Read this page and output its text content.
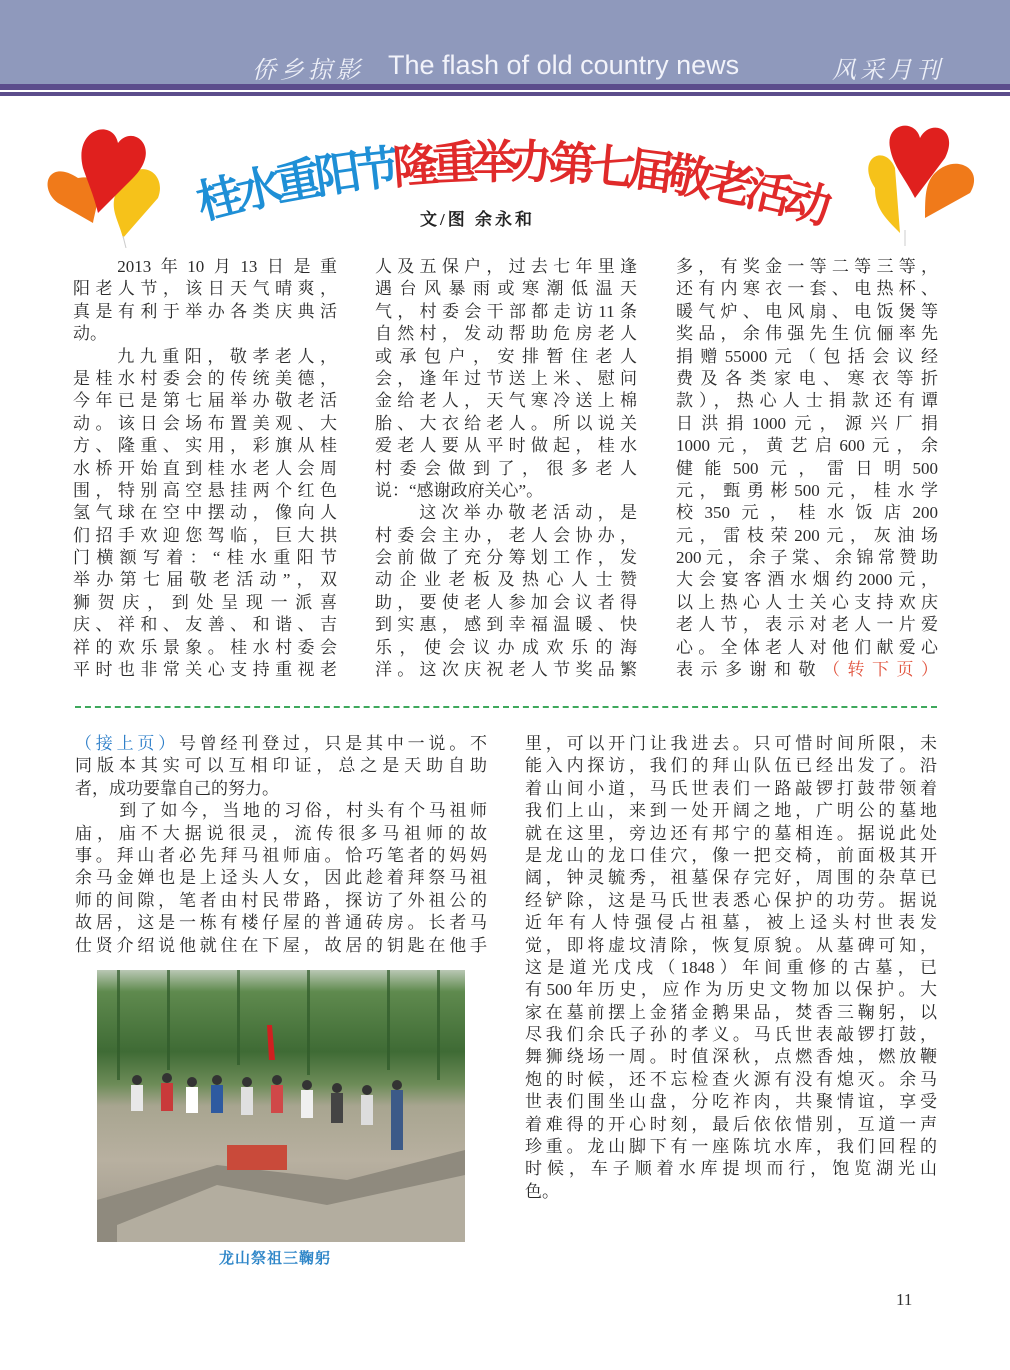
侨乡掠影 The flash of old country news	风采月刊
桂
水
重
阳
节
隆
重
举
办
第
七
届
敬
老
活
动
文/图 余永和
2013年10月13日是重
阳老人节，该日天气晴爽，
真是有利于举办各类庆典活
动。
九九重阳，敬孝老人，
是桂水村委会的传统美德，
今年已是第七届举办敬老活
动。该日会场布置美观、大
方、隆重、实用，彩旗从桂
水桥开始直到桂水老人会周
围，特别高空悬挂两个红色
氢气球在空中摆动，像向人
们招手欢迎您驾临，巨大拱
门横额写着：“桂水重阳节
举办第七届敬老活动”，双
狮贺庆，到处呈现一派喜
庆、祥和、友善、和谐、吉
祥的欢乐景象。桂水村委会
平时也非常关心支持重视老
人及五保户，过去七年里逢
遇台风暴雨或寒潮低温天
气，村委会干部都走访11条
自然村，发动帮助危房老人
或承包户，安排暂住老人
会，逢年过节送上米、慰问
金给老人，天气寒冷送上棉
胎、大衣给老人。所以说关
爱老人要从平时做起，桂水
村委会做到了，很多老人
说：“感谢政府关心”。
这次举办敬老活动，是
村委会主办，老人会协办，
会前做了充分筹划工作，发
动企业老板及热心人士赞
助，要使老人参加会议者得
到实惠，感到幸福温暖、快
乐，使会议办成欢乐的海
洋。这次庆祝老人节奖品繁
多，有奖金一等二等三等，
还有内寒衣一套、电热杯、
暖气炉、电风扇、电饭煲等
奖品，余伟强先生伉俪率先
捐赠55000元（包括会议经
费及各类家电、寒衣等折
款），热心人士捐款还有谭
日洪捐1000元，源兴厂捐
1000元，黄艺启600元，余
健能500元，雷日明500
元，甄勇彬500元，桂水学
校350元，桂水饭店200
元，雷枝荣200元，灰油场
200元，余子棠、余锦常赞助
大会宴客酒水烟约2000元，
以上热心人士关心支持欢庆
老人节，表示对老人一片爱
心。全体老人对他们献爱心
表示多谢和敬（转下页）
（接上页）号曾经刊登过，只是其中一说。不
同版本其实可以互相印证，总之是天助自助
者，成功要靠自己的努力。
到了如今，当地的习俗，村头有个马祖师
庙，庙不大据说很灵，流传很多马祖师的故
事。拜山者必先拜马祖师庙。恰巧笔者的妈妈
余马金婵也是上迳头人女，因此趁着拜祭马祖
师的间隙，笔者由村民带路，探访了外祖公的
故居，这是一栋有楼仔屋的普通砖房。长者马
仕贤介绍说他就住在下屋，故居的钥匙在他手
里，可以开门让我进去。只可惜时间所限，未
能入内探访，我们的拜山队伍已经出发了。沿
着山间小道，马氏世表们一路敲锣打鼓带领着
我们上山，来到一处开阔之地，广明公的墓地
就在这里，旁边还有邦宁的墓相连。据说此处
是龙山的龙口佳穴，像一把交椅，前面极其开
阔，钟灵毓秀，祖墓保存完好，周围的杂草已
经铲除，这是马氏世表悉心保护的功劳。据说
近年有人恃强侵占祖墓，被上迳头村世表发
觉，即将虚坟清除，恢复原貌。从墓碑可知，
这是道光戊戌（1848）年间重修的古墓，已
有500年历史，应作为历史文物加以保护。大
家在墓前摆上金猪金鹅果品，焚香三鞠躬，以
尽我们余氏子孙的孝义。马氏世表敲锣打鼓，
舞狮绕场一周。时值深秋，点燃香烛，燃放鞭
炮的时候，还不忘检查火源有没有熄灭。余马
世表们围坐山盘，分吃祚肉，共聚情谊，享受
着难得的开心时刻，最后依依惜别，互道一声
珍重。龙山脚下有一座陈坑水库，我们回程的
时候，车子顺着水库提坝而行，饱览湖光山
色。
龙山祭祖三鞠躬
11
